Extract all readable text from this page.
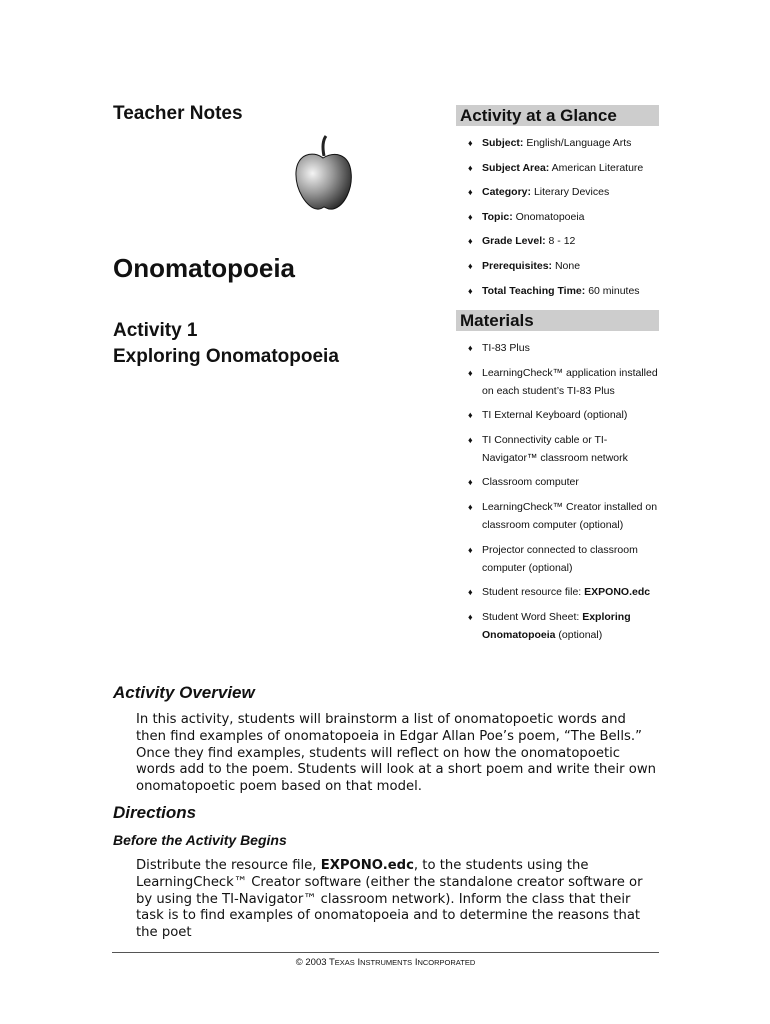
Teacher Notes
Onomatopoeia
Activity 1
Exploring Onomatopoeia
Activity at a Glance
♦ Subject: English/Language Arts
♦ Subject Area: American Literature
♦ Category: Literary Devices
♦ Topic: Onomatopoeia
♦ Grade Level: 8 - 12
♦ Prerequisites: None
♦ Total Teaching Time: 60 minutes
Materials
♦ TI-83 Plus
♦ LearningCheck™ application installed on each student’s TI-83 Plus
♦ TI External Keyboard (optional)
♦ TI Connectivity cable or TI-Navigator™ classroom network
♦ Classroom computer
♦ LearningCheck™ Creator installed on classroom computer (optional)
♦ Projector connected to classroom computer (optional)
♦ Student resource file: EXPONO.edc
♦ Student Word Sheet: Exploring Onomatopoeia (optional)
Activity Overview

In this activity, students will brainstorm a list of onomatopoetic words and then find examples of onomatopoeia in Edgar Allan Poe’s poem, “The Bells.” Once they find examples, students will reflect on how the onomatopoetic words add to the poem. Students will look at a short poem and write their own onomatopoetic poem based on that model.

Directions
Before the Activity Begins

Distribute the resource file, EXPONO.edc, to the students using the LearningCheck™ Creator software (either the standalone creator software or by using the TI-Navigator™ classroom network). Inform the class that their task is to find examples of onomatopoeia and to determine the reasons that the poet

© 2003 TEXAS INSTRUMENTS INCORPORATED
